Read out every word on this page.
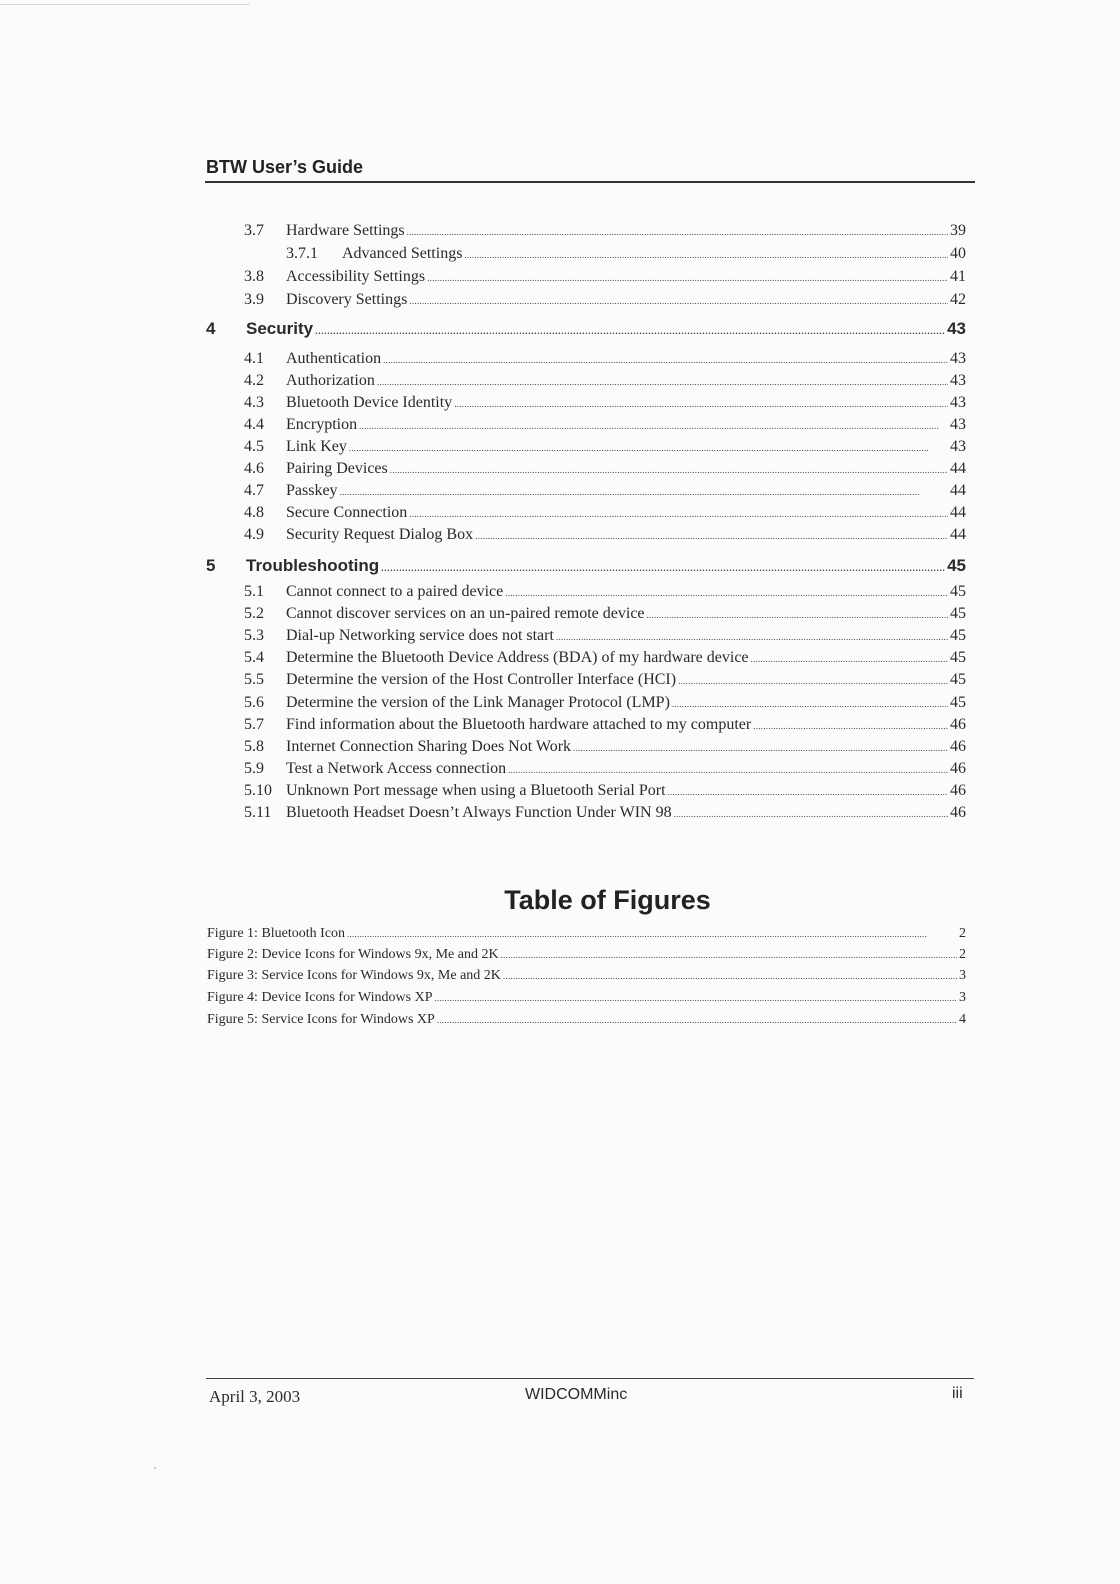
BTW User’s Guide
3.7	Hardware Settings . . .	39
3.7.1	Advanced Settings . . .	40
3.8	Accessibility Settings . . .	41
3.9	Discovery Settings . . .	42
4	Security . . .	43
4.1	Authentication . . .	43
4.2	Authorization . . .	43
4.3	Bluetooth Device Identity . . .	43
4.4	Encryption . . .	43
4.5	Link Key . . .	43
4.6	Pairing Devices . . .	44
4.7	Passkey . . .	44
4.8	Secure Connection . . .	44
4.9	Security Request Dialog Box . . .	44
5	Troubleshooting . . .	45
5.1	Cannot connect to a paired device . . .	45
5.2	Cannot discover services on an un-paired remote device . . .	45
5.3	Dial-up Networking service does not start . . .	45
5.4	Determine the Bluetooth Device Address (BDA) of my hardware device . . .	45
5.5	Determine the version of the Host Controller Interface (HCI) . . .	45
5.6	Determine the version of the Link Manager Protocol (LMP) . . .	45
5.7	Find information about the Bluetooth hardware attached to my computer . . .	46
5.8	Internet Connection Sharing Does Not Work . . .	46
5.9	Test a Network Access connection . . .	46
5.10 Unknown Port message when using a Bluetooth Serial Port . . .	46
5.11 Bluetooth Headset Doesn’t Always Function Under WIN 98 . . .	46
Table of Figures
Figure 1: Bluetooth Icon . . .	2
Figure 2: Device Icons for Windows 9x, Me and 2K . . .	2
Figure 3: Service Icons for Windows 9x, Me and 2K . . .	3
Figure 4: Device Icons for Windows XP . . .	3
Figure 5: Service Icons for Windows XP . . .	4
April 3, 2003	WIDCOMMinc	iii
